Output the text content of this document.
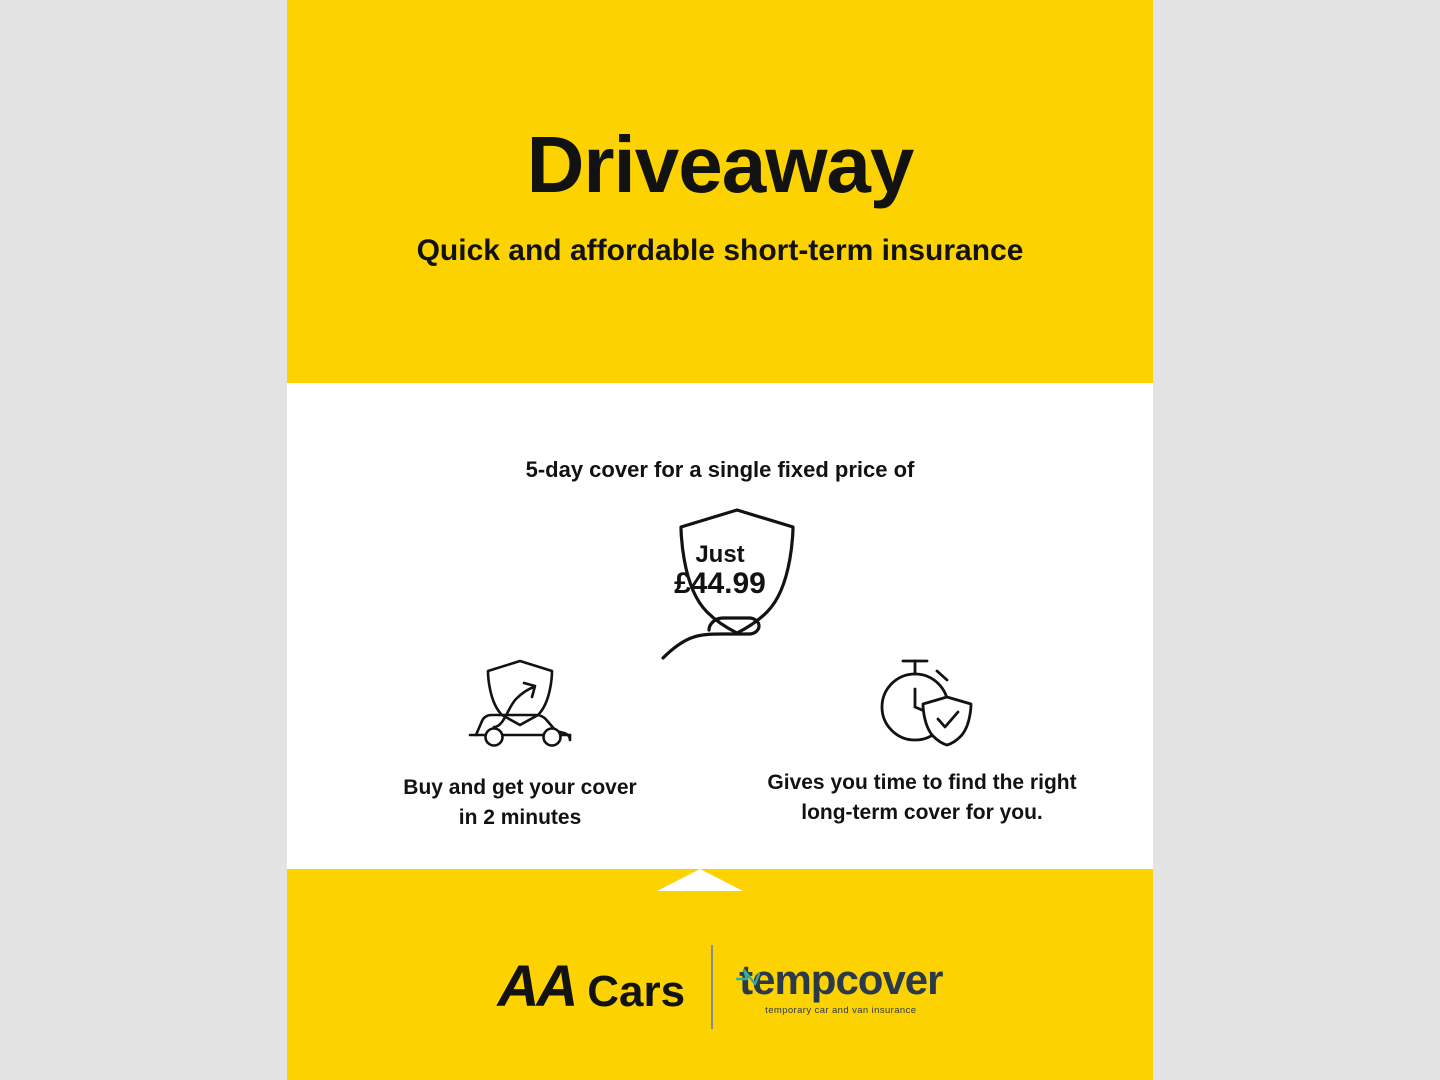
Driveaway
Quick and affordable short-term insurance
5-day cover for a single fixed price of
Just
£44.99
Buy and get your cover
in 2 minutes
Gives you time to find the right
long-term cover for you.
AA Cars tempcover
temporary car and van insurance
